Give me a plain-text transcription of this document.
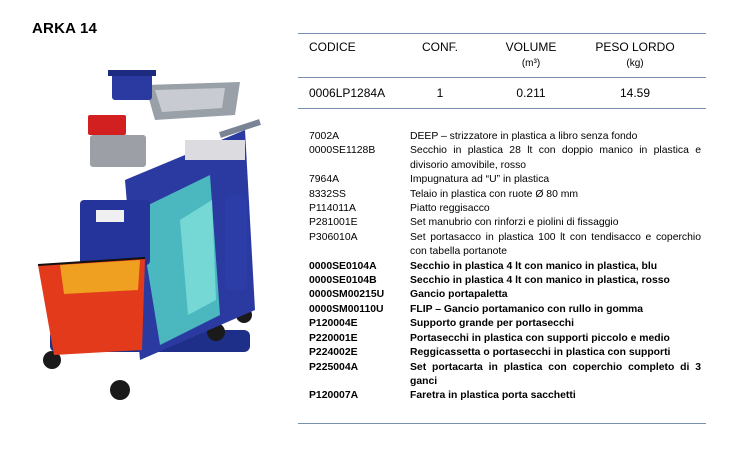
ARKA 14
CODICE	CONF.	VOLUME	PESO LORDO
(m³)	(kg)
0006LP1284A	1	0.211	14.59
7002A	DEEP – strizzatore in plastica a libro senza fondo
0000SE1128B	Secchio in plastica 28 lt con doppio manico in plastica e divisorio amovibile, rosso
7964A	Impugnatura ad “U” in plastica
8332SS	Telaio in plastica con ruote Ø 80 mm
P114011A	Piatto reggisacco
P281001E	Set manubrio con rinforzi e piolini di fissaggio
P306010A	Set portasacco in plastica 100 lt con tendisacco e coperchio con tabella portanote
0000SE0104A	Secchio in plastica 4 lt con manico in plastica, blu
0000SE0104B	Secchio in plastica 4 lt con manico in plastica, rosso
0000SM00215U	Gancio portapaletta
0000SM00110U	FLIP – Gancio portamanico con rullo in gomma
P120004E	Supporto grande per portasecchi
P220001E	Portasecchi in plastica con supporti piccolo e medio
P224002E	Reggicassetta o portasecchi in plastica con supporti
P225004A	Set portacarta in plastica con coperchio completo di 3 ganci
P120007A	Faretra in plastica porta sacchetti
